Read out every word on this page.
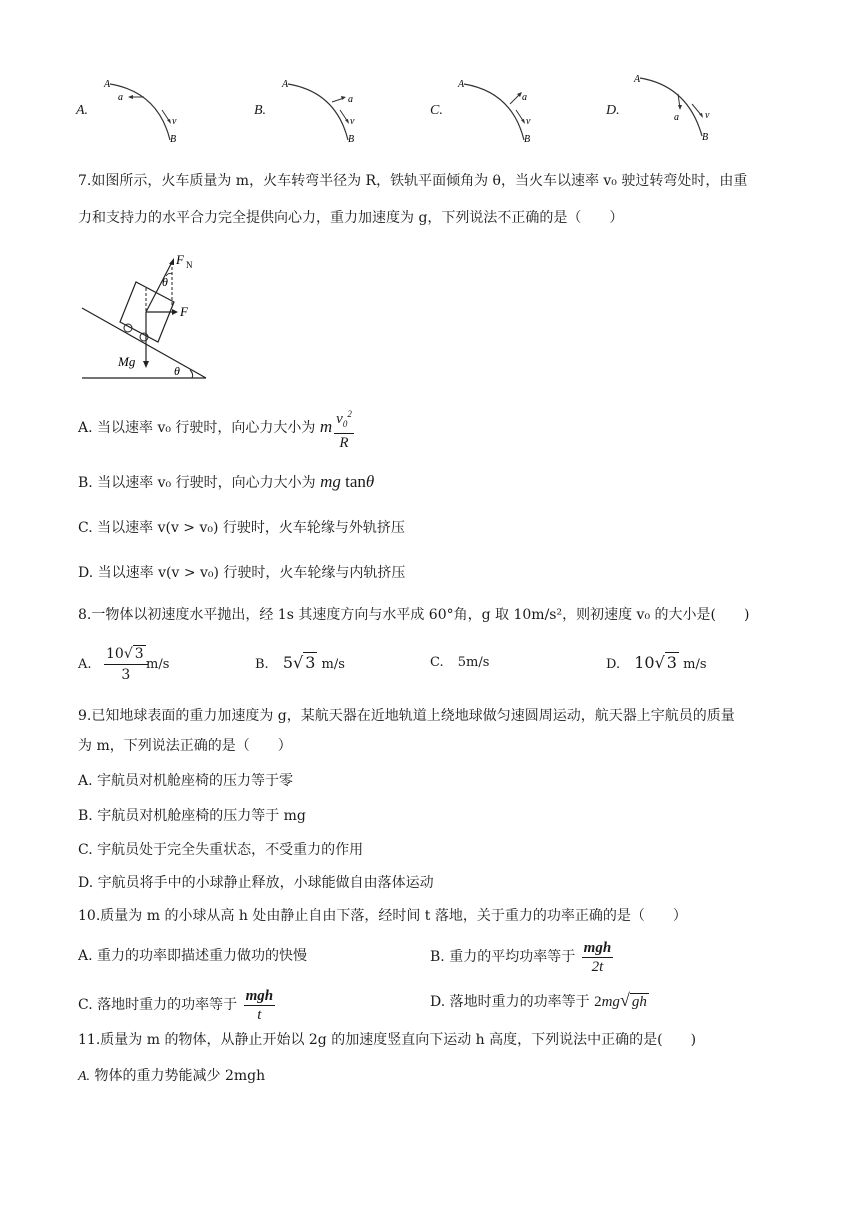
A.
A
a
v
B
B.
A
a
v
B
C.
A
a
v
B
D.
A
a	v
B
7.如图所示，火车质量为 m，火车转弯半径为 R，铁轨平面倾角为 θ，当火车以速率 v₀ 驶过转弯处时，由重
力和支持力的水平合力完全提供向心力，重力加速度为 g，下列说法不正确的是（　　）
F N
θ
F
Mg
θ
A. 当以速率 v₀ 行驶时，向心力大小为 m $\frac{v_0^2}{R}$
B. 当以速率 v₀ 行驶时，向心力大小为 mg tanθ
C. 当以速率 v(v > v₀) 行驶时，火车轮缘与外轨挤压
D. 当以速率 v(v > v₀) 行驶时，火车轮缘与内轨挤压
8.一物体以初速度水平抛出，经 1s 其速度方向与水平成 60°角，g 取 10m/s²，则初速度 v₀ 的大小是(　　)
A. $\frac{10√ 3}{3}$
m/s	B. 5√ 3 m/s	C. 5m/s	D. 10√ 3 m/s
9.已知地球表面的重力加速度为 g，某航天器在近地轨道上绕地球做匀速圆周运动，航天器上宇航员的质量
为 m，下列说法正确的是（　　）
A. 宇航员对机舱座椅的压力等于零
B. 宇航员对机舱座椅的压力等于 mg
C. 宇航员处于完全失重状态，不受重力的作用
D. 宇航员将手中的小球静止释放，小球能做自由落体运动
10.质量为 m 的小球从高 h 处由静止自由下落，经时间 t 落地，关于重力的功率正确的是（　　）
A. 重力的功率即描述重力做功的快慢	B. 重力的平均功率等于 $\frac{\text{mgh}}{2t}$
C. 落地时重力的功率等于 $\frac{\text{mgh}}{t}$	D. 落地时重力的功率等于 2mg√ gh
11.质量为 m 的物体，从静止开始以 2g 的加速度竖直向下运动 h 高度，下列说法中正确的是(　　)
A. 物体的重力势能减少 2mgh
